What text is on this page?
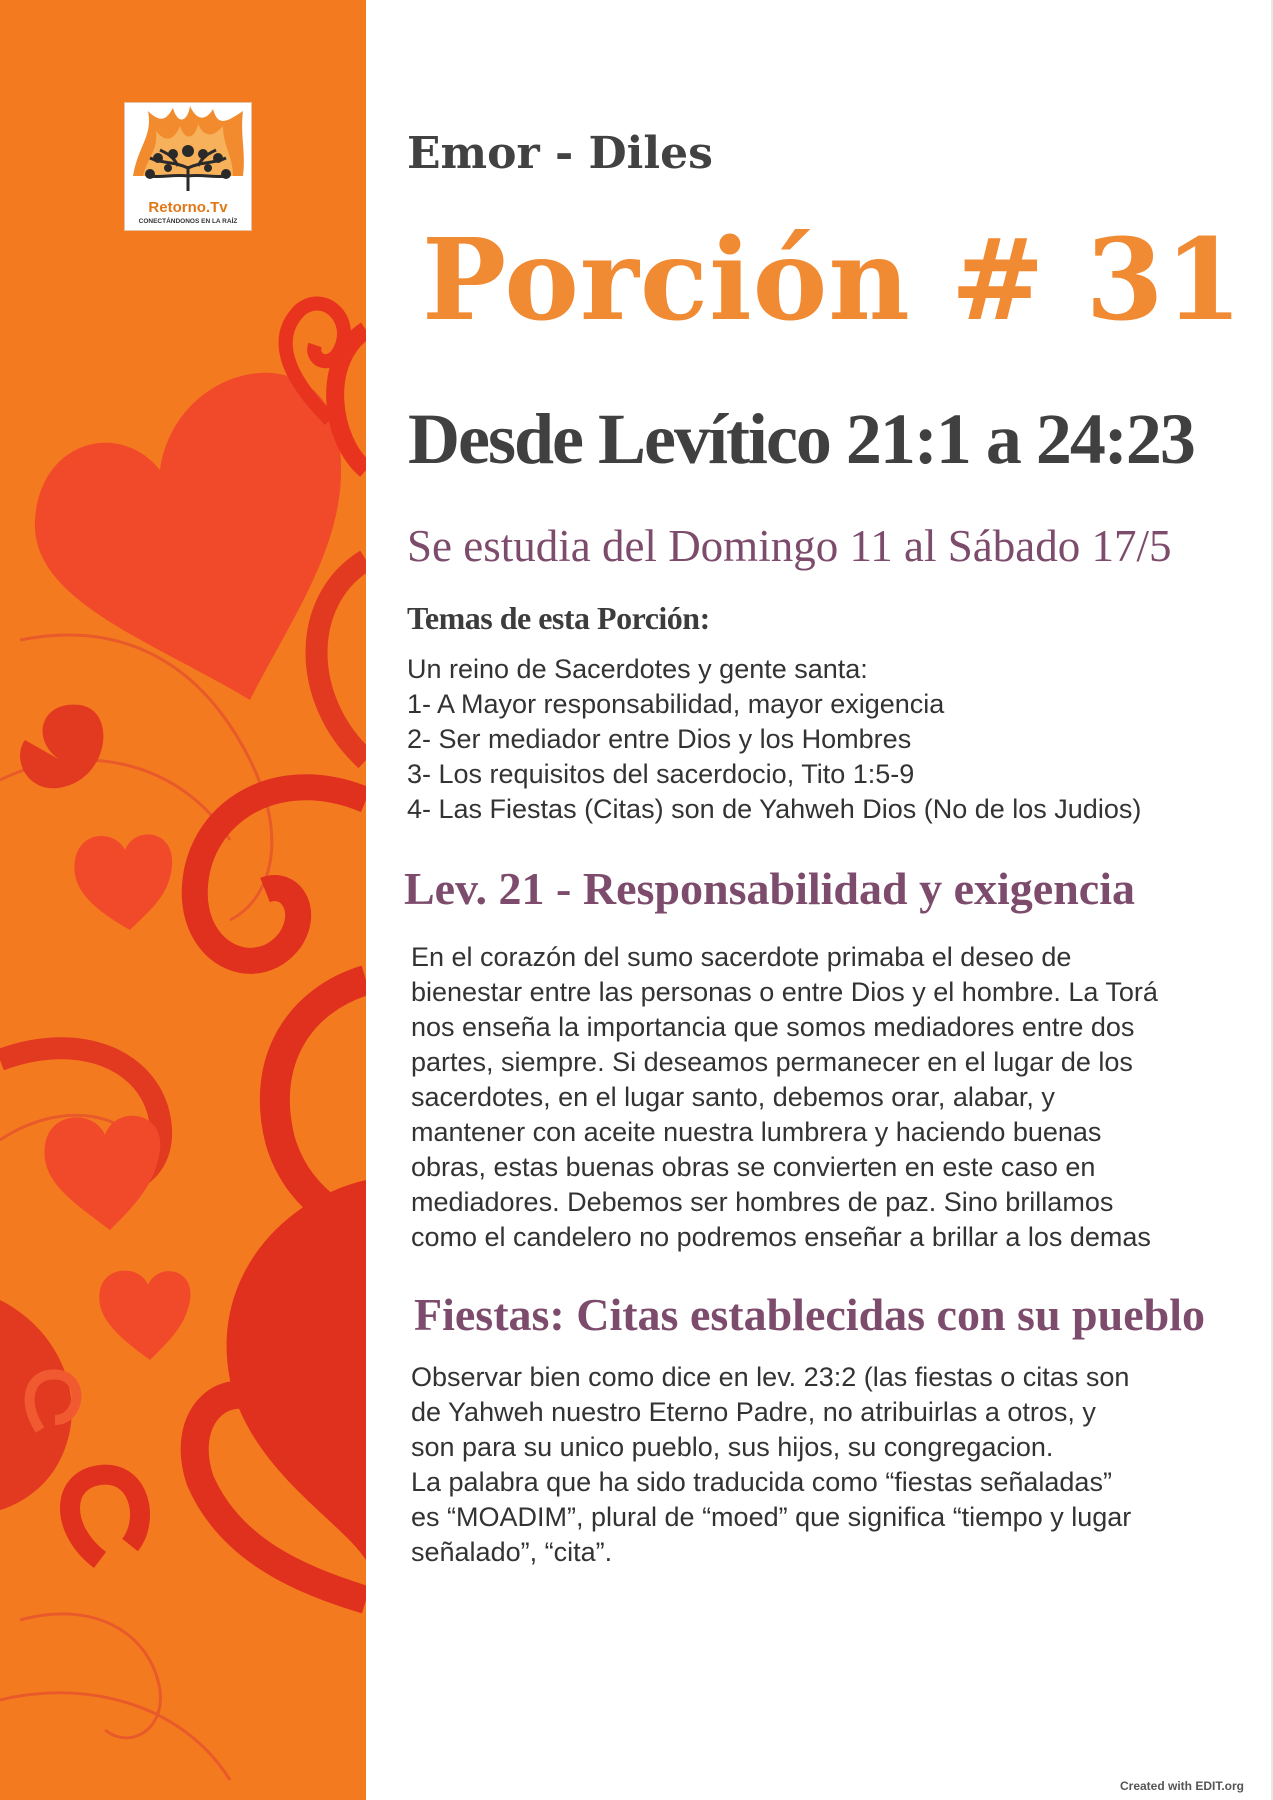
Retorno.Tv
CONECTÁNDONOS EN LA RAÍZ
Emor - Diles
Porción # 31
Desde Levítico 21:1 a 24:23
Se estudia del Domingo 11 al Sábado 17/5
Temas de esta Porción:
Un reino de Sacerdotes y gente santa:
1- A Mayor responsabilidad, mayor exigencia
2- Ser mediador entre Dios y los Hombres
3- Los requisitos del sacerdocio, Tito 1:5-9
4- Las Fiestas (Citas) son de Yahweh Dios (No de los Judios)
Lev. 21 - Responsabilidad y exigencia
En el corazón del sumo sacerdote primaba el deseo de
bienestar entre las personas o entre Dios y el hombre. La Torá
nos enseña la importancia que somos mediadores entre dos
partes, siempre. Si deseamos permanecer en el lugar de los
sacerdotes, en el lugar santo, debemos orar, alabar, y
mantener con aceite nuestra lumbrera y haciendo buenas
obras, estas buenas obras se convierten en este caso en
mediadores. Debemos ser hombres de paz. Sino brillamos
como el candelero no podremos enseñar a brillar a los demas
Fiestas: Citas establecidas con su pueblo
Observar bien como dice en lev. 23:2 (las fiestas o citas son
de Yahweh nuestro Eterno Padre, no atribuirlas a otros, y
son para su unico pueblo, sus hijos, su congregacion.
La palabra que ha sido traducida como “fiestas señaladas”
es “MOADIM”, plural de “moed” que significa “tiempo y lugar
señalado”, “cita”.
Created with EDIT.org
